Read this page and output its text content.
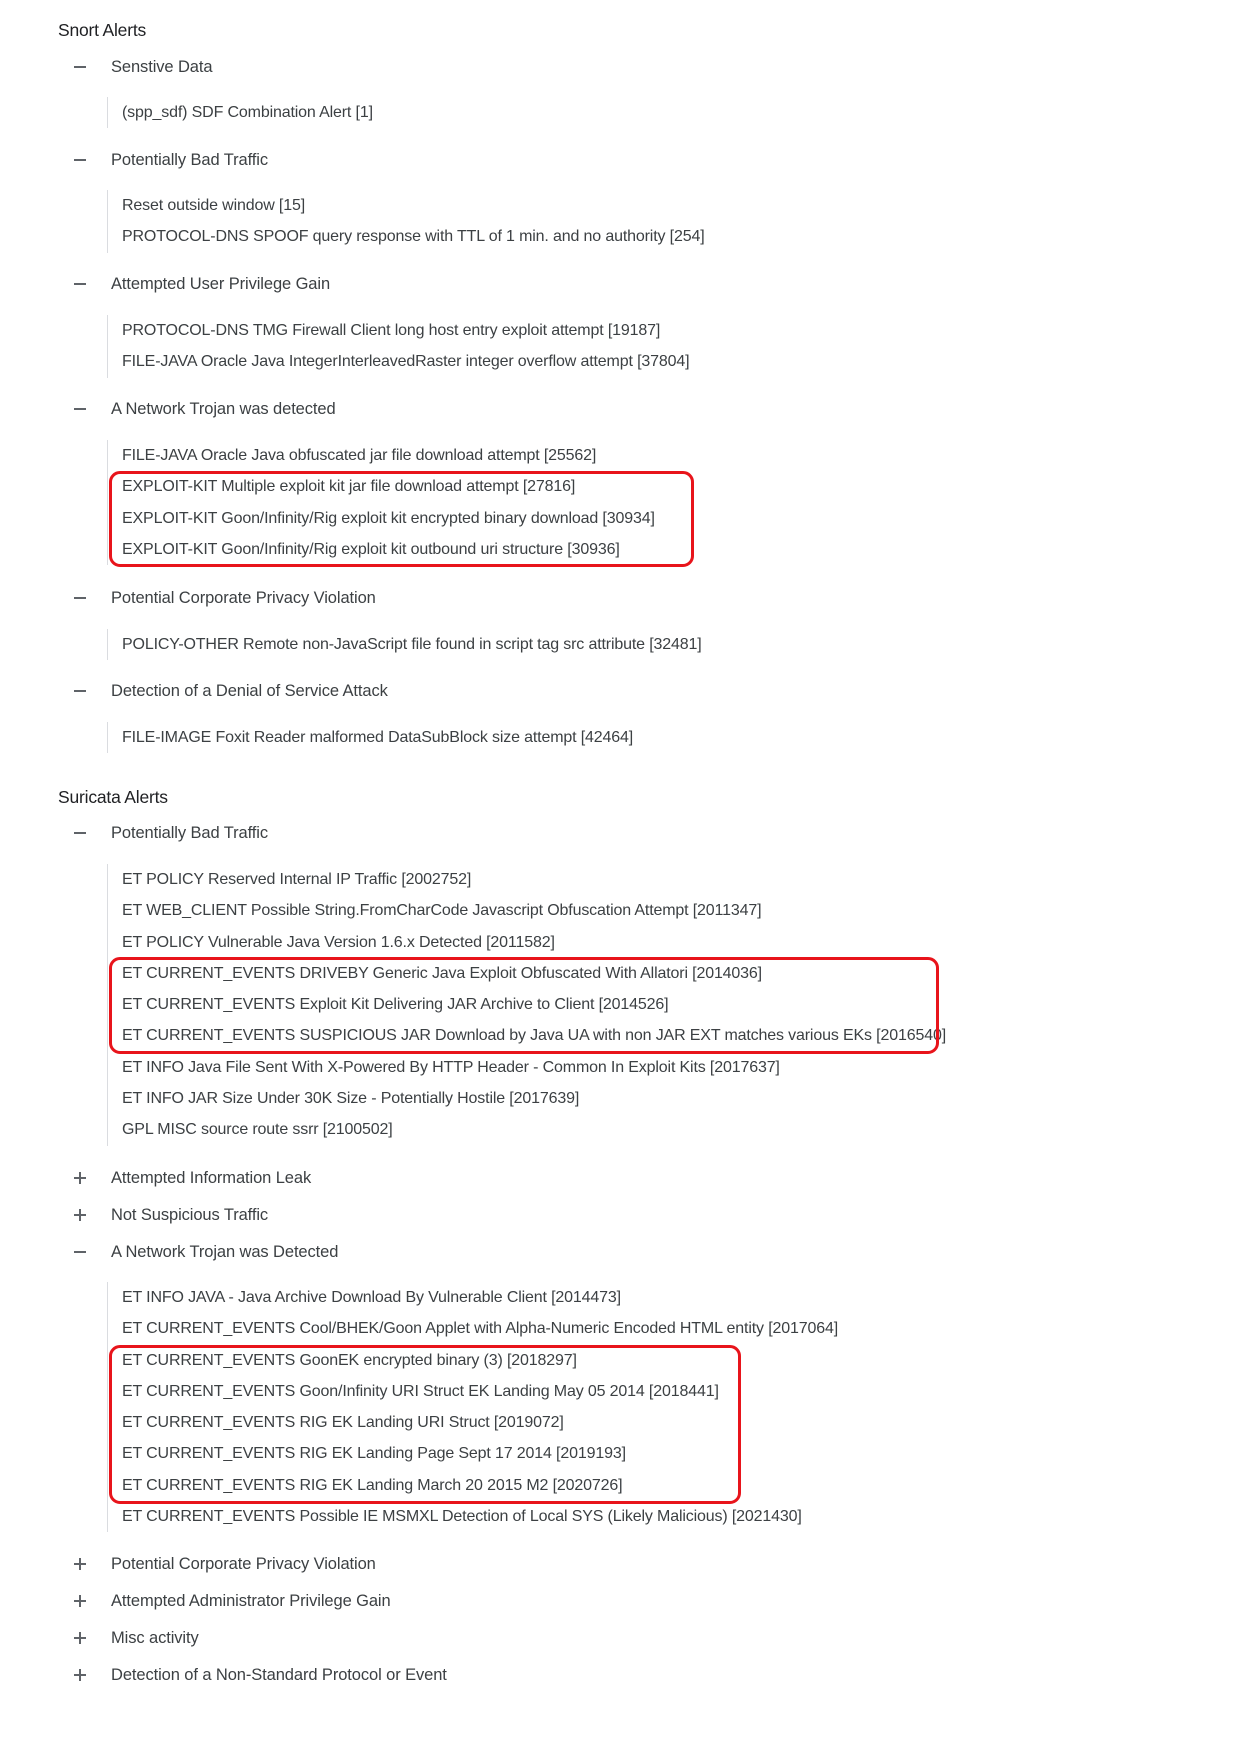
Snort Alerts
Senstive Data
(spp_sdf) SDF Combination Alert [1]
Potentially Bad Traffic
Reset outside window [15]
PROTOCOL-DNS SPOOF query response with TTL of 1 min. and no authority [254]
Attempted User Privilege Gain
PROTOCOL-DNS TMG Firewall Client long host entry exploit attempt [19187]
FILE-JAVA Oracle Java IntegerInterleavedRaster integer overflow attempt [37804]
A Network Trojan was detected
FILE-JAVA Oracle Java obfuscated jar file download attempt [25562]
EXPLOIT-KIT Multiple exploit kit jar file download attempt [27816]
EXPLOIT-KIT Goon/Infinity/Rig exploit kit encrypted binary download [30934]
EXPLOIT-KIT Goon/Infinity/Rig exploit kit outbound uri structure [30936]
Potential Corporate Privacy Violation
POLICY-OTHER Remote non-JavaScript file found in script tag src attribute [32481]
Detection of a Denial of Service Attack
FILE-IMAGE Foxit Reader malformed DataSubBlock size attempt [42464]
Suricata Alerts
Potentially Bad Traffic
ET POLICY Reserved Internal IP Traffic [2002752]
ET WEB_CLIENT Possible String.FromCharCode Javascript Obfuscation Attempt [2011347]
ET POLICY Vulnerable Java Version 1.6.x Detected [2011582]
ET CURRENT_EVENTS DRIVEBY Generic Java Exploit Obfuscated With Allatori [2014036]
ET CURRENT_EVENTS Exploit Kit Delivering JAR Archive to Client [2014526]
ET CURRENT_EVENTS SUSPICIOUS JAR Download by Java UA with non JAR EXT matches various EKs [2016540]
ET INFO Java File Sent With X-Powered By HTTP Header - Common In Exploit Kits [2017637]
ET INFO JAR Size Under 30K Size - Potentially Hostile [2017639]
GPL MISC source route ssrr [2100502]
Attempted Information Leak
Not Suspicious Traffic
A Network Trojan was Detected
ET INFO JAVA - Java Archive Download By Vulnerable Client [2014473]
ET CURRENT_EVENTS Cool/BHEK/Goon Applet with Alpha-Numeric Encoded HTML entity [2017064]
ET CURRENT_EVENTS GoonEK encrypted binary (3) [2018297]
ET CURRENT_EVENTS Goon/Infinity URI Struct EK Landing May 05 2014 [2018441]
ET CURRENT_EVENTS RIG EK Landing URI Struct [2019072]
ET CURRENT_EVENTS RIG EK Landing Page Sept 17 2014 [2019193]
ET CURRENT_EVENTS RIG EK Landing March 20 2015 M2 [2020726]
ET CURRENT_EVENTS Possible IE MSMXL Detection of Local SYS (Likely Malicious) [2021430]
Potential Corporate Privacy Violation
Attempted Administrator Privilege Gain
Misc activity
Detection of a Non-Standard Protocol or Event
